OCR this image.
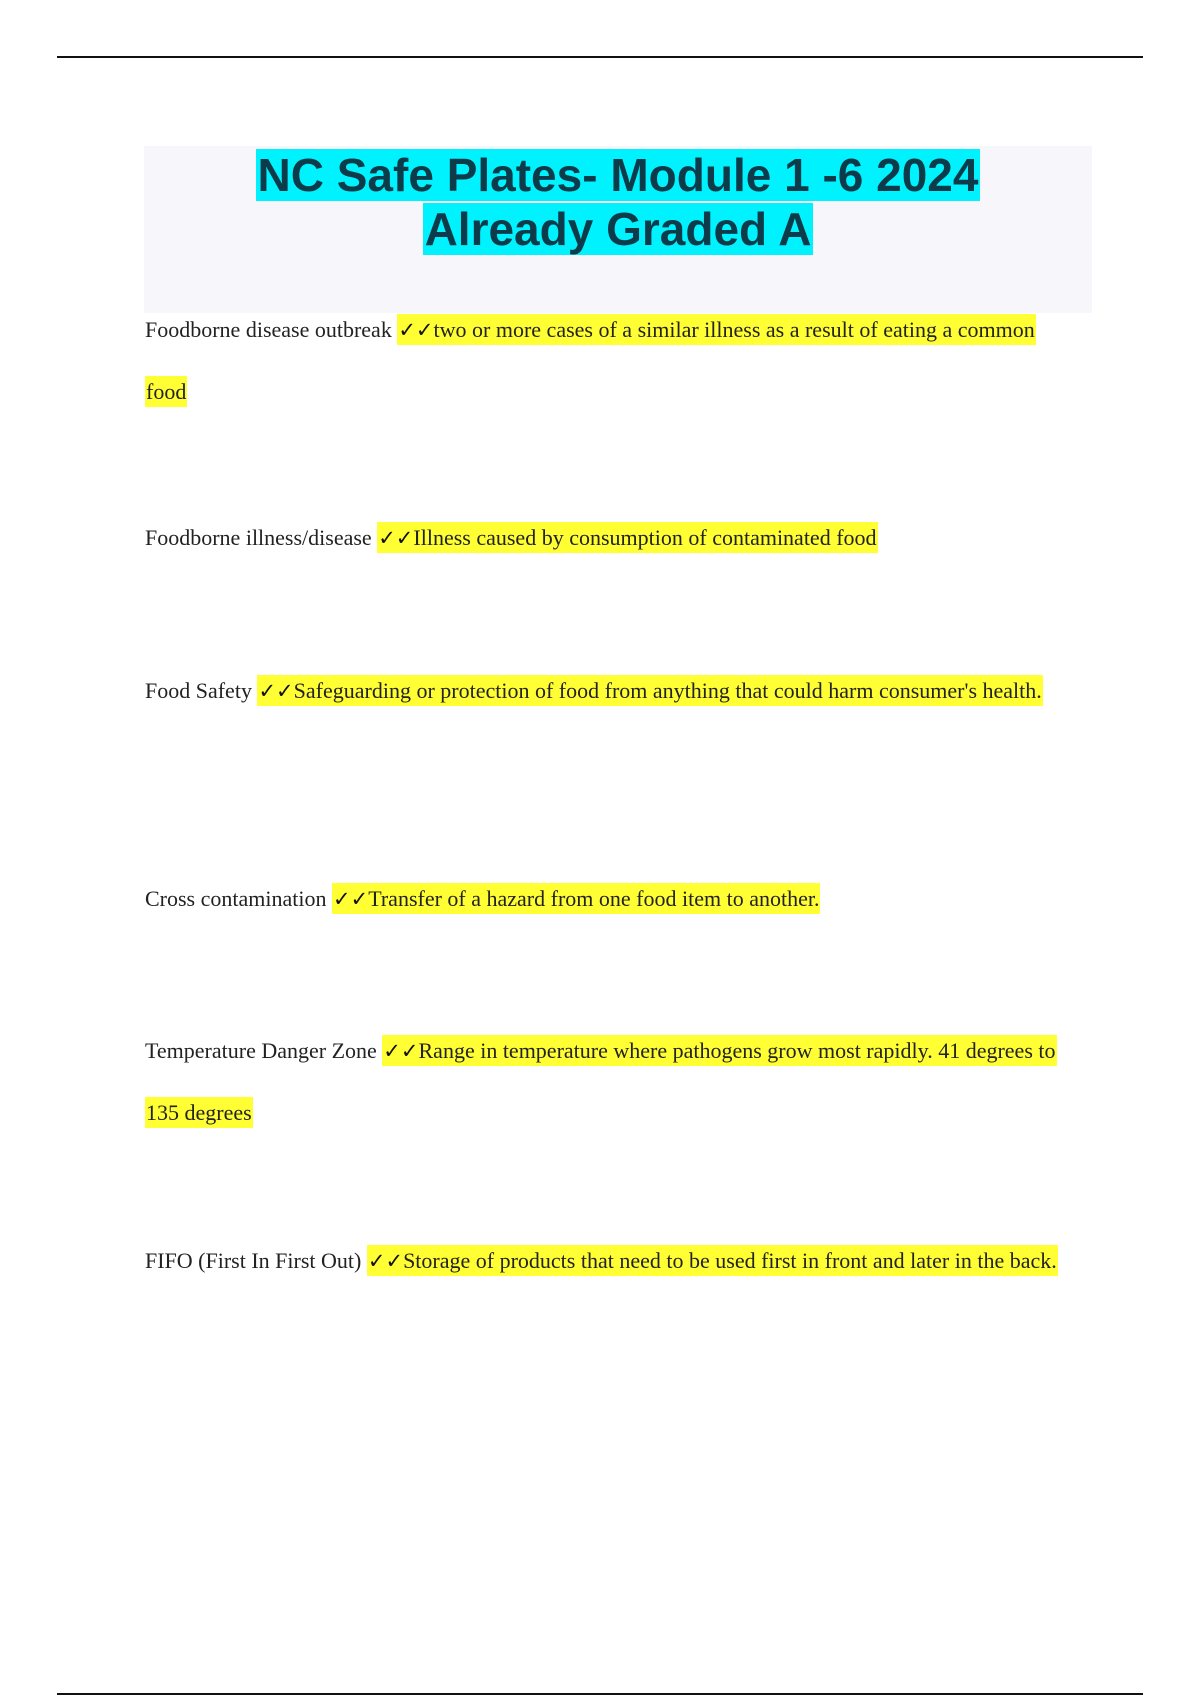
NC Safe Plates- Module 1 -6 2024
Already Graded A

Foodborne disease outbreak ✓✓two or more cases of a similar illness as a result of eating a common food

Foodborne illness/disease ✓✓Illness caused by consumption of contaminated food

Food Safety ✓✓Safeguarding or protection of food from anything that could harm consumer's health.

Cross contamination ✓✓Transfer of a hazard from one food item to another.

Temperature Danger Zone ✓✓Range in temperature where pathogens grow most rapidly. 41 degrees to 135 degrees

FIFO (First In First Out) ✓✓Storage of products that need to be used first in front and later in the back.
